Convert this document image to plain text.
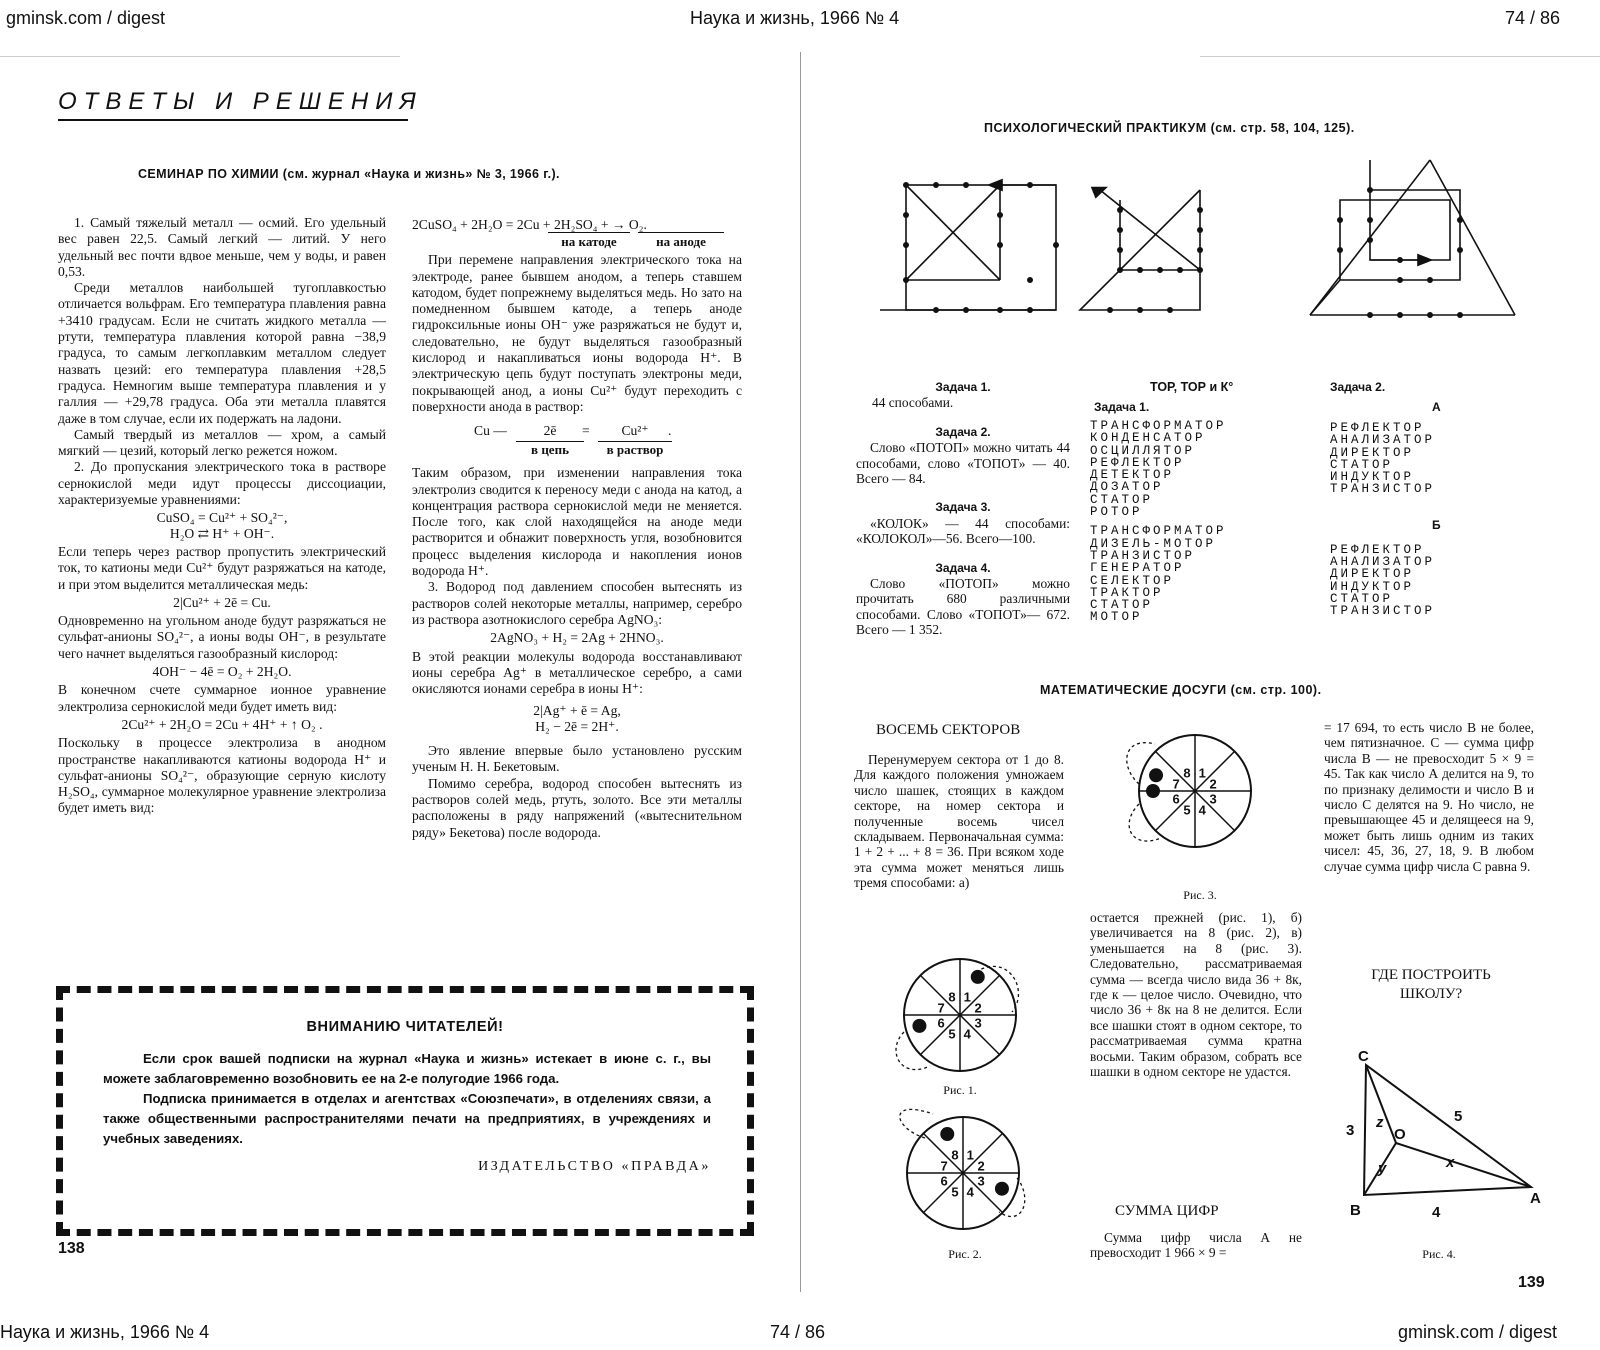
gminsk.com / digest	Наука и жизнь, 1966 № 4	74 / 86
ОТВЕТЫ И РЕШЕНИЯ
СЕМИНАР ПО ХИМИИ (см. журнал «Наука и жизнь» № 3, 1966 г.).

1. Самый тяжелый металл — осмий. Его удельный вес равен 22,5. Самый легкий — литий. У него удельный вес почти вдвое меньше, чем у воды, и равен 0,53.

Среди металлов наибольшей тугоплавкостью отличается вольфрам. Его температура плавления равна +3410 градусам. Если не считать жидкого металла — ртути, температура плавления которой равна −38,9 градуса, то самым легкоплавким металлом следует назвать цезий: его температура плавления +28,5 градуса. Немногим выше температура плавления и у галлия — +29,78 градуса. Оба эти металла плавятся даже в том случае, если их подержать на ладони.

Самый твердый из металлов — хром, а самый мягкий — цезий, который легко режется ножом.

2. До пропускания электрического тока в растворе сернокислой меди идут процессы диссоциации, характеризуемые уравнениями:

CuSO₄ = Cu²⁺ + SO₄²⁻,

H₂O ⇄ H⁺ + OH⁻.

Если теперь через раствор пропустить электрический ток, то катионы меди Cu²⁺ будут разряжаться на катоде, и при этом выделится металлическая медь:

2|Cu²⁺ + 2ē = Cu.

Одновременно на угольном аноде будут разряжаться не сульфат-анионы SO₄²⁻, а ионы воды OH⁻, в результате чего начнет выделяться газообразный кислород:

4OH⁻ − 4ē = O₂ + 2H₂O.

В конечном счете суммарное ионное уравнение электролиза сернокислой меди будет иметь вид:

2Cu²⁺ + 2H₂O = 2Cu + 4H⁺ + ↑ O₂ .

Поскольку в процессе электролиза в анодном пространстве накапливаются катионы водорода H⁺ и сульфат-анионы SO₄²⁻, образующие серную кислоту H₂SO₄, суммарное молекулярное уравнение электролиза будет иметь вид:

2CuSO₄ + 2H₂O = 2Cu + 2H₂SO₄ + → O₂.

на катоде	на аноде

При перемене направления электрического тока на электроде, ранее бывшем анодом, а теперь ставшем катодом, будет попрежнему выделяться медь. Но зато на помедненном бывшем катоде, а теперь аноде гидроксильные ионы OH⁻ уже разряжаться не будут и, следовательно, не будут выделяться газообразный кислород и накапливаться ионы водорода H⁺. В электрическую цепь будут поступать электроны меди, покрывающей анод, а ионы Cu²⁺ будут переходить с поверхности анода в раствор:

Cu —	2ē	=	Cu²⁺	.
в цепь	в раствор

Таким образом, при изменении направления тока электролиз сводится к переносу меди с анода на катод, а концентрация раствора сернокислой меди не меняется. После того, как слой находящейся на аноде меди растворится и обнажит поверхность угля, возобновится процесс выделения кислорода и накопления ионов водорода H⁺.

3. Водород под давлением способен вытеснять из растворов солей некоторые металлы, например, серебро из раствора азотнокислого серебра AgNO₃:

2AgNO₃ + H₂ = 2Ag + 2HNO₃.

В этой реакции молекулы водорода восстанавливают ионы серебра Ag⁺ в металлическое серебро, а сами окисляются ионами серебра в ионы H⁺:

2|Ag⁺ + ē = Ag,

H₂ − 2ē = 2H⁺.

Это явление впервые было установлено русским ученым Н. Н. Бекетовым.

Помимо серебра, водород способен вытеснять из растворов солей медь, ртуть, золото. Все эти металлы расположены в ряду напряжений («вытеснительном ряду» Бекетова) после водорода.

ВНИМАНИЮ ЧИТАТЕЛЕЙ!
Если срок вашей подписки на журнал «Наука и жизнь» истекает в июне с. г., вы можете заблаговременно возобновить ее на 2-е полугодие 1966 года.
Подписка принимается в отделах и агентствах «Союзпечати», в отделениях связи, а также общественными распространителями печати на предприятиях, в учреждениях и учебных заведениях.
ИЗДАТЕЛЬСТВО «ПРАВДА»
138
ПСИХОЛОГИЧЕСКИЙ ПРАКТИКУМ (см. стр. 58, 104, 125).
Задача 1.
44 способами.
Задача 2.

Слово «ПОТОП» можно читать 44 способами, слово «ТОПОТ» — 40. Всего — 84.

Задача 3.

«КОЛОК» — 44 способами: «КОЛОКОЛ»—56. Всего—100.

Задача 4.

Слово «ПОТОП» можно прочитать 680 различными способами. Слово «ТОПОТ»— 672. Всего — 1 352.

ТОР, ТОР и К°
Задача 1.
ТРАНСФОРМАТОР
КОНДЕНСАТОР
ОСЦИЛЛЯТОР
РЕФЛЕКТОР
ДЕТЕКТОР
ДОЗАТОР
СТАТОР
РОТОР
ТРАНСФОРМАТОР
ДИЗЕЛЬ-МОТОР
ТРАНЗИСТОР
ГЕНЕРАТОР
СЕЛЕКТОР
ТРАКТОР
СТАТОР
МОТОР
Задача 2.
А
РЕФЛЕКТОР
АНАЛИЗАТОР
ДИРЕКТОР
СТАТОР
ИНДУКТОР
ТРАНЗИСТОР
Б
РЕФЛЕКТОР
АНАЛИЗАТОР
ДИРЕКТОР
ИНДУКТОР
СТАТОР
ТРАНЗИСТОР
МАТЕМАТИЧЕСКИЕ ДОСУГИ (см. стр. 100).
ВОСЕМЬ СЕКТОРОВ

Перенумеруем сектора от 1 до 8. Для каждого положения умножаем число шашек, стоящих в каждом секторе, на номер сектора и полученные восемь чисел складываем. Первоначальная сумма: 1 + 2 + ... + 8 = 36. При всяком ходе эта сумма может меняться лишь тремя способами: а)

остается прежней (рис. 1), б) увеличивается на 8 (рис. 2), в) уменьшается на 8 (рис. 3). Следовательно, рассматриваемая сумма — всегда число вида 36 + 8к, где к — целое число. Очевидно, что число 36 + 8к на 8 не делится. Если все шашки стоят в одном секторе, то рассматриваемая сумма кратна восьми. Таким образом, собрать все шашки в одном секторе не удастся.

1
2
3
4
5
6
7
8
Рис. 1.
1
2
3
4
5
6
7
8
Рис. 2.
1
2
3
4
5
6
7
8
Рис. 3.
СУММА ЦИФР

Сумма цифр числа А не превосходит 1 966 × 9 =

= 17 694, то есть число В не более, чем пятизначное. С — сумма цифр числа В — не превосходит 5 × 9 = 45. Так как число А делится на 9, то по признаку делимости и число В и число С делятся на 9. Но число, не превышающее 45 и делящееся на 9, может быть лишь одним из таких чисел: 45, 36, 27, 18, 9. В любом случае сумма цифр числа С равна 9.

ГДЕ ПОСТРОИТЬ ШКОЛУ?
C
B
A
O
3
4
5
z
x
y
Рис. 4.
139
Наука и жизнь, 1966 № 4	74 / 86	gminsk.com / digest
